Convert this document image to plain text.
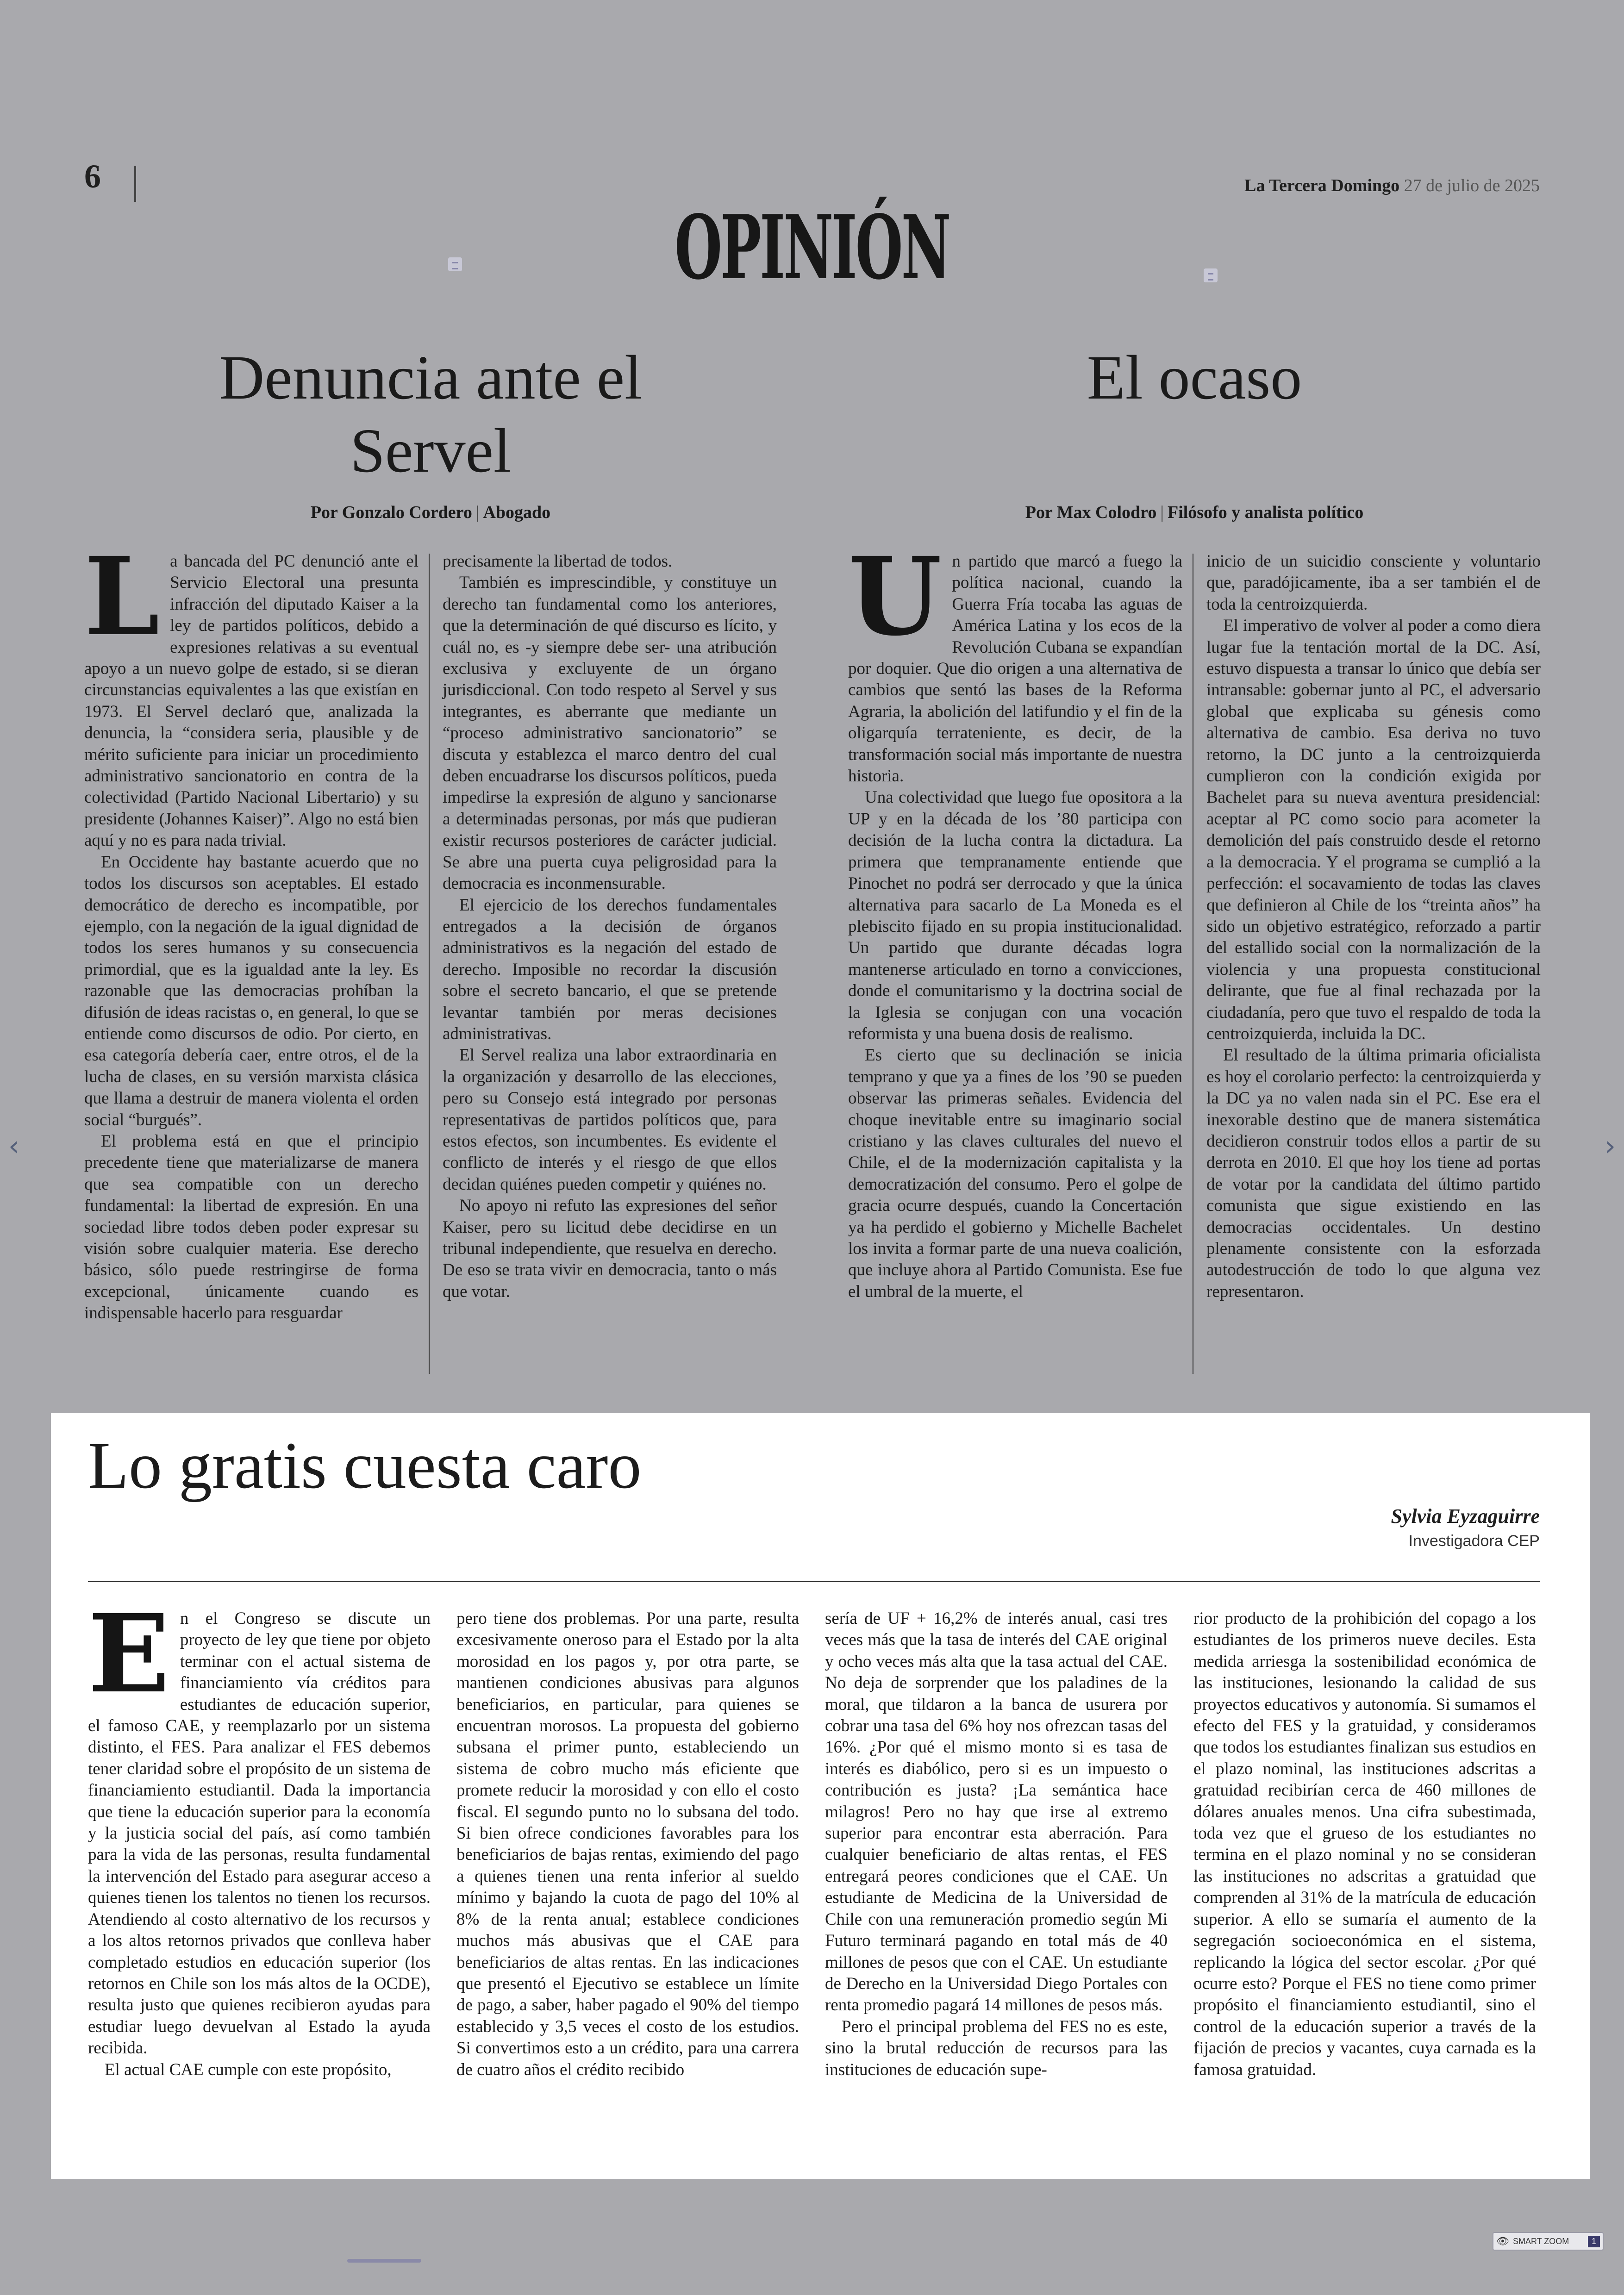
6	La Tercera Domingo 27 de julio de 2025
OPINIÓN
Denuncia ante el
Servel
Por Gonzalo Cordero | Abogado

La bancada del PC denunció ante el Servicio Electoral una presunta infracción del diputado Kaiser a la ley de partidos políticos, debido a expresiones relativas a su eventual apoyo a un nuevo golpe de estado, si se dieran circunstancias equivalentes a las que existían en 1973. El Servel declaró que, analizada la denuncia, la “considera seria, plausible y de mérito suficiente para iniciar un procedimiento administrativo sancionatorio en contra de la colectividad (Partido Nacional Libertario) y su presidente (Johannes Kaiser)”. Algo no está bien aquí y no es para nada trivial.

En Occidente hay bastante acuerdo que no todos los discursos son aceptables. El estado democrático de derecho es incompatible, por ejemplo, con la negación de la igual dignidad de todos los seres humanos y su consecuencia primordial, que es la igualdad ante la ley. Es razonable que las democracias prohíban la difusión de ideas racistas o, en general, lo que se entiende como discursos de odio. Por cierto, en esa categoría debería caer, entre otros, el de la lucha de clases, en su versión marxista clásica que llama a destruir de manera violenta el orden social “burgués”.

El problema está en que el principio precedente tiene que materializarse de manera que sea compatible con un derecho fundamental: la libertad de expresión. En una sociedad libre todos deben poder expresar su visión sobre cualquier materia. Ese derecho básico, sólo puede restringirse de forma excepcional, únicamente cuando es indispensable hacerlo para resguardar

precisamente la libertad de todos.

También es imprescindible, y constituye un derecho tan fundamental como los anteriores, que la determinación de qué discurso es lícito, y cuál no, es -y siempre debe ser- una atribución exclusiva y excluyente de un órgano jurisdiccional. Con todo respeto al Servel y sus integrantes, es aberrante que mediante un “proceso administrativo sancionatorio” se discuta y establezca el marco dentro del cual deben encuadrarse los discursos políticos, pueda impedirse la expresión de alguno y sancionarse a determinadas personas, por más que pudieran existir recursos posteriores de carácter judicial. Se abre una puerta cuya peligrosidad para la democracia es inconmensurable.

El ejercicio de los derechos fundamentales entregados a la decisión de órganos administrativos es la negación del estado de derecho. Imposible no recordar la discusión sobre el secreto bancario, el que se pretende levantar también por meras decisiones administrativas.

El Servel realiza una labor extraordinaria en la organización y desarrollo de las elecciones, pero su Consejo está integrado por personas representativas de partidos políticos que, para estos efectos, son incumbentes. Es evidente el conflicto de interés y el riesgo de que ellos decidan quiénes pueden competir y quiénes no.

No apoyo ni refuto las expresiones del señor Kaiser, pero su licitud debe decidirse en un tribunal independiente, que resuelva en derecho. De eso se trata vivir en democracia, tanto o más que votar.

El ocaso
Por Max Colodro | Filósofo y analista político

Un partido que marcó a fuego la política nacional, cuando la Guerra Fría tocaba las aguas de América Latina y los ecos de la Revolución Cubana se expandían por doquier. Que dio origen a una alternativa de cambios que sentó las bases de la Reforma Agraria, la abolición del latifundio y el fin de la oligarquía terrateniente, es decir, de la transformación social más importante de nuestra historia.

Una colectividad que luego fue opositora a la UP y en la década de los ’80 participa con decisión de la lucha contra la dictadura. La primera que tempranamente entiende que Pinochet no podrá ser derrocado y que la única alternativa para sacarlo de La Moneda es el plebiscito fijado en su propia institucionalidad. Un partido que durante décadas logra mantenerse articulado en torno a convicciones, donde el comunitarismo y la doctrina social de la Iglesia se conjugan con una vocación reformista y una buena dosis de realismo.

Es cierto que su declinación se inicia temprano y que ya a fines de los ’90 se pueden observar las primeras señales. Evidencia del choque inevitable entre su imaginario social cristiano y las claves culturales del nuevo el Chile, el de la modernización capitalista y la democratización del consumo. Pero el golpe de gracia ocurre después, cuando la Concertación ya ha perdido el gobierno y Michelle Bachelet los invita a formar parte de una nueva coalición, que incluye ahora al Partido Comunista. Ese fue el umbral de la muerte, el

inicio de un suicidio consciente y voluntario que, paradójicamente, iba a ser también el de toda la centroizquierda.

El imperativo de volver al poder a como diera lugar fue la tentación mortal de la DC. Así, estuvo dispuesta a transar lo único que debía ser intransable: gobernar junto al PC, el adversario global que explicaba su génesis como alternativa de cambio. Esa deriva no tuvo retorno, la DC junto a la centroizquierda cumplieron con la condición exigida por Bachelet para su nueva aventura presidencial: aceptar al PC como socio para acometer la demolición del país construido desde el retorno a la democracia. Y el programa se cumplió a la perfección: el socavamiento de todas las claves que definieron al Chile de los “treinta años” ha sido un objetivo estratégico, reforzado a partir del estallido social con la normalización de la violencia y una propuesta constitucional delirante, que fue al final rechazada por la ciudadanía, pero que tuvo el respaldo de toda la centroizquierda, incluida la DC.

El resultado de la última primaria oficialista es hoy el corolario perfecto: la centroizquierda y la DC ya no valen nada sin el PC. Ese era el inexorable destino que de manera sistemática decidieron construir todos ellos a partir de su derrota en 2010. El que hoy los tiene ad portas de votar por la candidata del último partido comunista que sigue existiendo en las democracias occidentales. Un destino plenamente consistente con la esforzada autodestrucción de todo lo que alguna vez representaron.

Lo gratis cuesta caro
Sylvia Eyzaguirre
Investigadora CEP

En el Congreso se discute un proyecto de ley que tiene por objeto terminar con el actual sistema de financiamiento vía créditos para estudiantes de educación superior, el famoso CAE, y reemplazarlo por un sistema distinto, el FES. Para analizar el FES debemos tener claridad sobre el propósito de un sistema de financiamiento estudiantil. Dada la importancia que tiene la educación superior para la economía y la justicia social del país, así como también para la vida de las personas, resulta fundamental la intervención del Estado para asegurar acceso a quienes tienen los talentos no tienen los recursos. Atendiendo al costo alternativo de los recursos y a los altos retornos privados que conlleva haber completado estudios en educación superior (los retornos en Chile son los más altos de la OCDE), resulta justo que quienes recibieron ayudas para estudiar luego devuelvan al Estado la ayuda recibida.

El actual CAE cumple con este propósito,

pero tiene dos problemas. Por una parte, resulta excesivamente oneroso para el Estado por la alta morosidad en los pagos y, por otra parte, se mantienen condiciones abusivas para algunos beneficiarios, en particular, para quienes se encuentran morosos. La propuesta del gobierno subsana el primer punto, estableciendo un sistema de cobro mucho más eficiente que promete reducir la morosidad y con ello el costo fiscal. El segundo punto no lo subsana del todo. Si bien ofrece condiciones favorables para los beneficiarios de bajas rentas, eximiendo del pago a quienes tienen una renta inferior al sueldo mínimo y bajando la cuota de pago del 10% al 8% de la renta anual; establece condiciones muchos más abusivas que el CAE para beneficiarios de altas rentas. En las indicaciones que presentó el Ejecutivo se establece un límite de pago, a saber, haber pagado el 90% del tiempo establecido y 3,5 veces el costo de los estudios. Si convertimos esto a un crédito, para una carrera de cuatro años el crédito recibido

sería de UF + 16,2% de interés anual, casi tres veces más que la tasa de interés del CAE original y ocho veces más alta que la tasa actual del CAE. No deja de sorprender que los paladines de la moral, que tildaron a la banca de usurera por cobrar una tasa del 6% hoy nos ofrezcan tasas del 16%. ¿Por qué el mismo monto si es tasa de interés es diabólico, pero si es un impuesto o contribución es justa? ¡La semántica hace milagros! Pero no hay que irse al extremo superior para encontrar esta aberración. Para cualquier beneficiario de altas rentas, el FES entregará peores condiciones que el CAE. Un estudiante de Medicina de la Universidad de Chile con una remuneración promedio según Mi Futuro terminará pagando en total más de 40 millones de pesos que con el CAE. Un estudiante de Derecho en la Universidad Diego Portales con renta promedio pagará 14 millones de pesos más.

Pero el principal problema del FES no es este, sino la brutal reducción de recursos para las instituciones de educación supe-

rior producto de la prohibición del copago a los estudiantes de los primeros nueve deciles. Esta medida arriesga la sostenibilidad económica de las instituciones, lesionando la calidad de sus proyectos educativos y autonomía. Si sumamos el efecto del FES y la gratuidad, y consideramos que todos los estudiantes finalizan sus estudios en el plazo nominal, las instituciones adscritas a gratuidad recibirían cerca de 460 millones de dólares anuales menos. Una cifra subestimada, toda vez que el grueso de los estudiantes no termina en el plazo nominal y no se consideran las instituciones no adscritas a gratuidad que comprenden al 31% de la matrícula de educación superior. A ello se sumaría el aumento de la segregación socioeconómica en el sistema, replicando la lógica del sector escolar. ¿Por qué ocurre esto? Porque el FES no tiene como primer propósito el financiamiento estudiantil, sino el control de la educación superior a través de la fijación de precios y vacantes, cuya carnada es la famosa gratuidad.

‹	›
👁 SMART ZOOM	1
